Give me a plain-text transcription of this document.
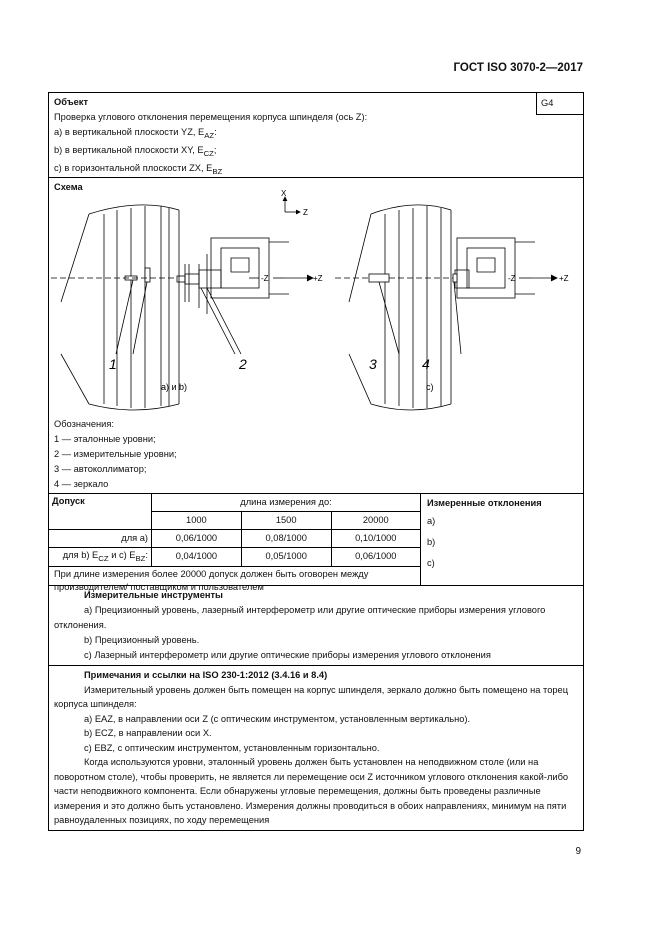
ГОСТ ISO 3070-2—2017
Объект	G4
Проверка углового отклонения перемещения корпуса шпинделя (ось Z):
а) в вертикальной плоскости YZ, $E_{AZ}$:
b) в вертикальной плоскости XY, $E_{CZ}$;
с) в горизонтальной плоскости ZX, $E_{BZ}$
Схема
X
Z
-Z	+Z	-Z	+Z
1	2	3	4
а) и b)	с)
Обозначения:
1 — эталонные уровни;
2 — измерительные уровни;
3 — автоколлиматор;
4 — зеркало
Допуск	длина измерения до:		
	1000	1500	20000
для а)	0,06/1000	0,08/1000	0,10/1000
для b) $E_{CZ}$ и с) $E_{BZ}$:	0,04/1000	0,05/1000	0,06/1000
При длине измерения более 20000 допуск должен быть оговорен между производителем/ поставщиком и пользователем
Измеренные отклонения
а)
b)
с)
Измерительные инструменты
а) Прецизионный уровень, лазерный интерферометр или другие оптические приборы измерения углового отклонения.
b) Прецизионный уровень.
с) Лазерный интерферометр или другие оптические приборы измерения углового отклонения
Примечания и ссылки на ISO 230-1:2012 (3.4.16 и 8.4)
Измерительный уровень должен быть помещен на корпус шпинделя, зеркало должно быть помещено на торец корпуса шпинделя:
а) EAZ, в направлении оси Z (с оптическим инструментом, установленным вертикально).
b) ECZ, в направлении оси X.
с) EBZ, с оптическим инструментом, установленным горизонтально.
Когда используются уровни, эталонный уровень должен быть установлен на неподвижном столе (или на поворотном столе), чтобы проверить, не является ли перемещение оси Z источником углового отклонения какой-либо части неподвижного компонента. Если обнаружены угловые перемещения, должны быть проведены различные измерения и это должно быть установлено. Измерения должны проводиться в обоих направлениях, минимум на пяти равноудаленных позициях, по ходу перемещения
9
